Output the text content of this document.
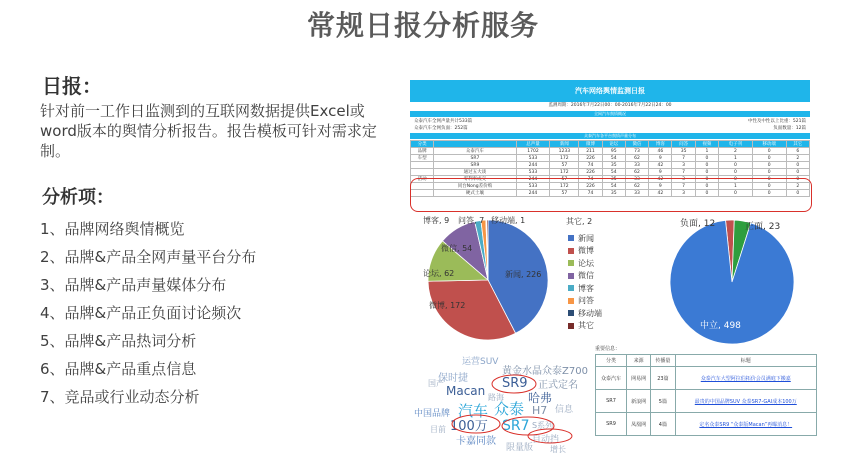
常规日报分析服务
日报：

针对前一工作日监测到的互联网数据提供Excel或word版本的舆情分析报告。报告模板可针对需求定制。

分析项：
1、品牌网络舆情概览
2、品牌&产品全网声量平台分布
3、品牌&产品声量媒体分布
4、品牌&产品正负面讨论频次
5、品牌&产品热词分析
6、品牌&产品重点信息
7、竞品或行业动态分析
汽车网络舆情监测日报
监测周期：2016年7月22日00：00-2016年7月22日24：00
全网汽车舆情概况
众泰汽车全网声量共计533篇	中性及中性以上比重：521篇
众泰汽车全网负面：252篇	负面数量：12篇
众泰汽车各平台舆情声量分布
分类		总声量	新闻	微博	论坛	微信	博客	问答	视频	电子刊	移动端	其它
品牌	众泰汽车	1702	1233	211	95	73	46	35	1	2	0	6
车型	SR7	533	172	226	54	62	9	7	0	1	0	2
	SR9	244	57	74	35	33	42	3	0	0	0	0
	通过五大谈	533	172	226	54	62	9	7	0	0	0	0
活动	零利率成交	244	57	74	35	33	42	3	0	0	0	0
	同台Nong差价购	533	172	226	54	62	9	7	0	1	0	2
	硬式土壤	244	57	74	35	33	42	3	0	0	0	0
博客, 9 问答, 7 移动端, 1	其它, 2
微信, 54
论坛, 62	新闻, 226
微博, 172
新闻
微博
论坛
微信
博客
问答
移动端
其它
负面, 12	正面, 23
中立, 498
运营SUV
黄金水晶众泰Z700
保时捷	SR9 正式定名
Macan	哈弗
路海
国产
汽车 众泰 H7 信息
中国品牌
100万 SR7 S系列
卡嘉同款	自动挡
限量版
目前
增长
重要信息：
分类	来源	传播量	标题
众泰汽车	网易网	23篇	众泰汽车大型阿拉伯拓价会员满庭下搬嘉
SR7	新浪网	5篇	最贵的中国品牌SUV 众泰SR7-GAI成本100万
SR9	凤凰网	4篇	定名众泰SR9 “众泰版Macan”再曝消息！
